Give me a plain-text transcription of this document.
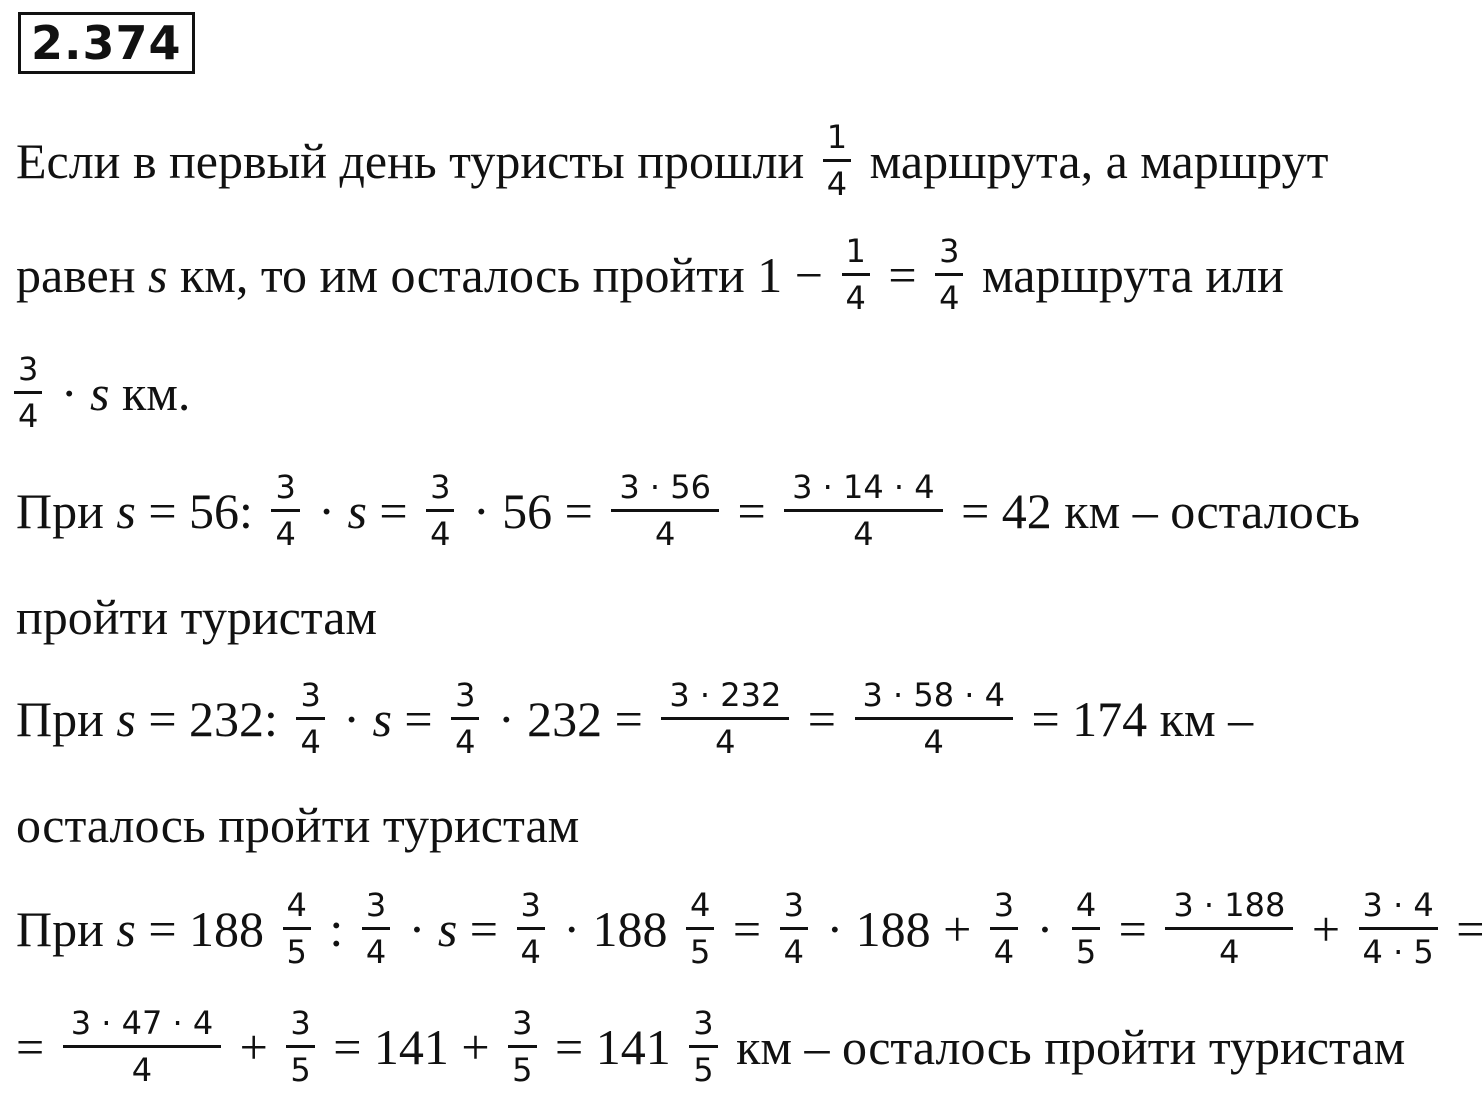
2.374
Если в первый день туристы прошли $\frac{1}{4}$ маршрута, а маршрут
равен s км, то им осталось пройти $1 - \frac{1}{4} = \frac{3}{4}$ маршрута или
$\frac{3}{4} \cdot s$ км.
При s = 56: $\frac{3}{4} \cdot s = \frac{3}{4} \cdot 56 = \frac{3 \cdot 56}{4} = \frac{3 \cdot 14 \cdot 4}{4} = 42$ км – осталось
пройти туристам
При s = 232: $\frac{3}{4} \cdot s = \frac{3}{4} \cdot 232 = \frac{3 \cdot 232}{4} = \frac{3 \cdot 58 \cdot 4}{4} = 174$ км –
осталось пройти туристам
При $s = 188 \frac{4}{5}$ : $\frac{3}{4} \cdot s = \frac{3}{4} \cdot 188 \frac{4}{5} = \frac{3}{4} \cdot 188 + \frac{3}{4} \cdot \frac{4}{5} = \frac{3 \cdot 188}{4} + \frac{3 \cdot 4}{4 \cdot 5}$ =
= $\frac{3 \cdot 47 \cdot 4}{4} + \frac{3}{5} = 141 + \frac{3}{5} = 141 \frac{3}{5}$ км – осталось пройти туристам
